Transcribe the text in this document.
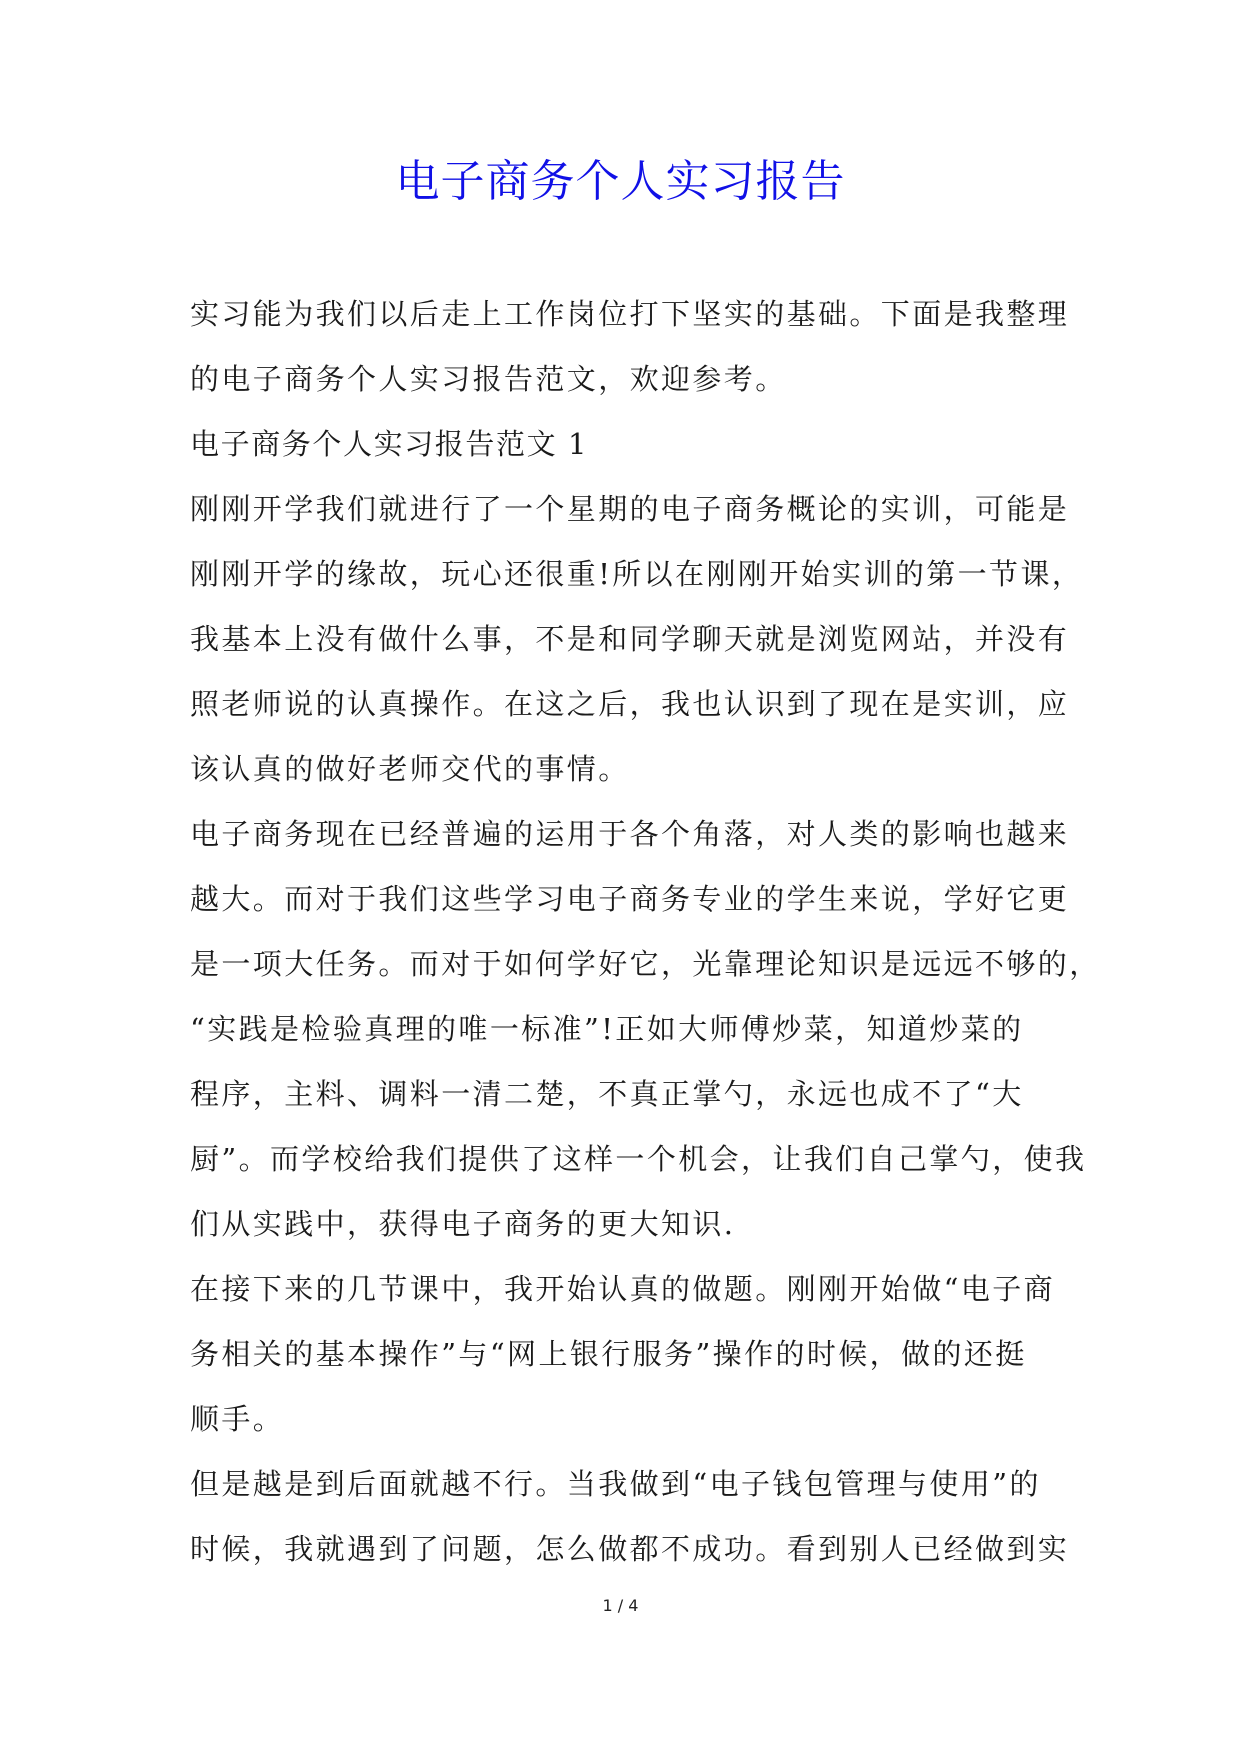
电子商务个人实习报告
实习能为我们以后走上工作岗位打下坚实的基础。下面是我整理
的电子商务个人实习报告范文，欢迎参考。
电子商务个人实习报告范文 1
刚刚开学我们就进行了一个星期的电子商务概论的实训，可能是
刚刚开学的缘故，玩心还很重!所以在刚刚开始实训的第一节课，
我基本上没有做什么事，不是和同学聊天就是浏览网站，并没有
照老师说的认真操作。在这之后，我也认识到了现在是实训，应
该认真的做好老师交代的事情。
电子商务现在已经普遍的运用于各个角落，对人类的影响也越来
越大。而对于我们这些学习电子商务专业的学生来说，学好它更
是一项大任务。而对于如何学好它，光靠理论知识是远远不够的，
“实践是检验真理的唯一标准”!正如大师傅炒菜，知道炒菜的
程序，主料、调料一清二楚，不真正掌勺，永远也成不了“大
厨”。而学校给我们提供了这样一个机会，让我们自己掌勺，使我
们从实践中，获得电子商务的更大知识.
在接下来的几节课中，我开始认真的做题。刚刚开始做“电子商
务相关的基本操作”与“网上银行服务”操作的时候，做的还挺
顺手。
但是越是到后面就越不行。当我做到“电子钱包管理与使用”的
时候，我就遇到了问题，怎么做都不成功。看到别人已经做到实
1 / 4
